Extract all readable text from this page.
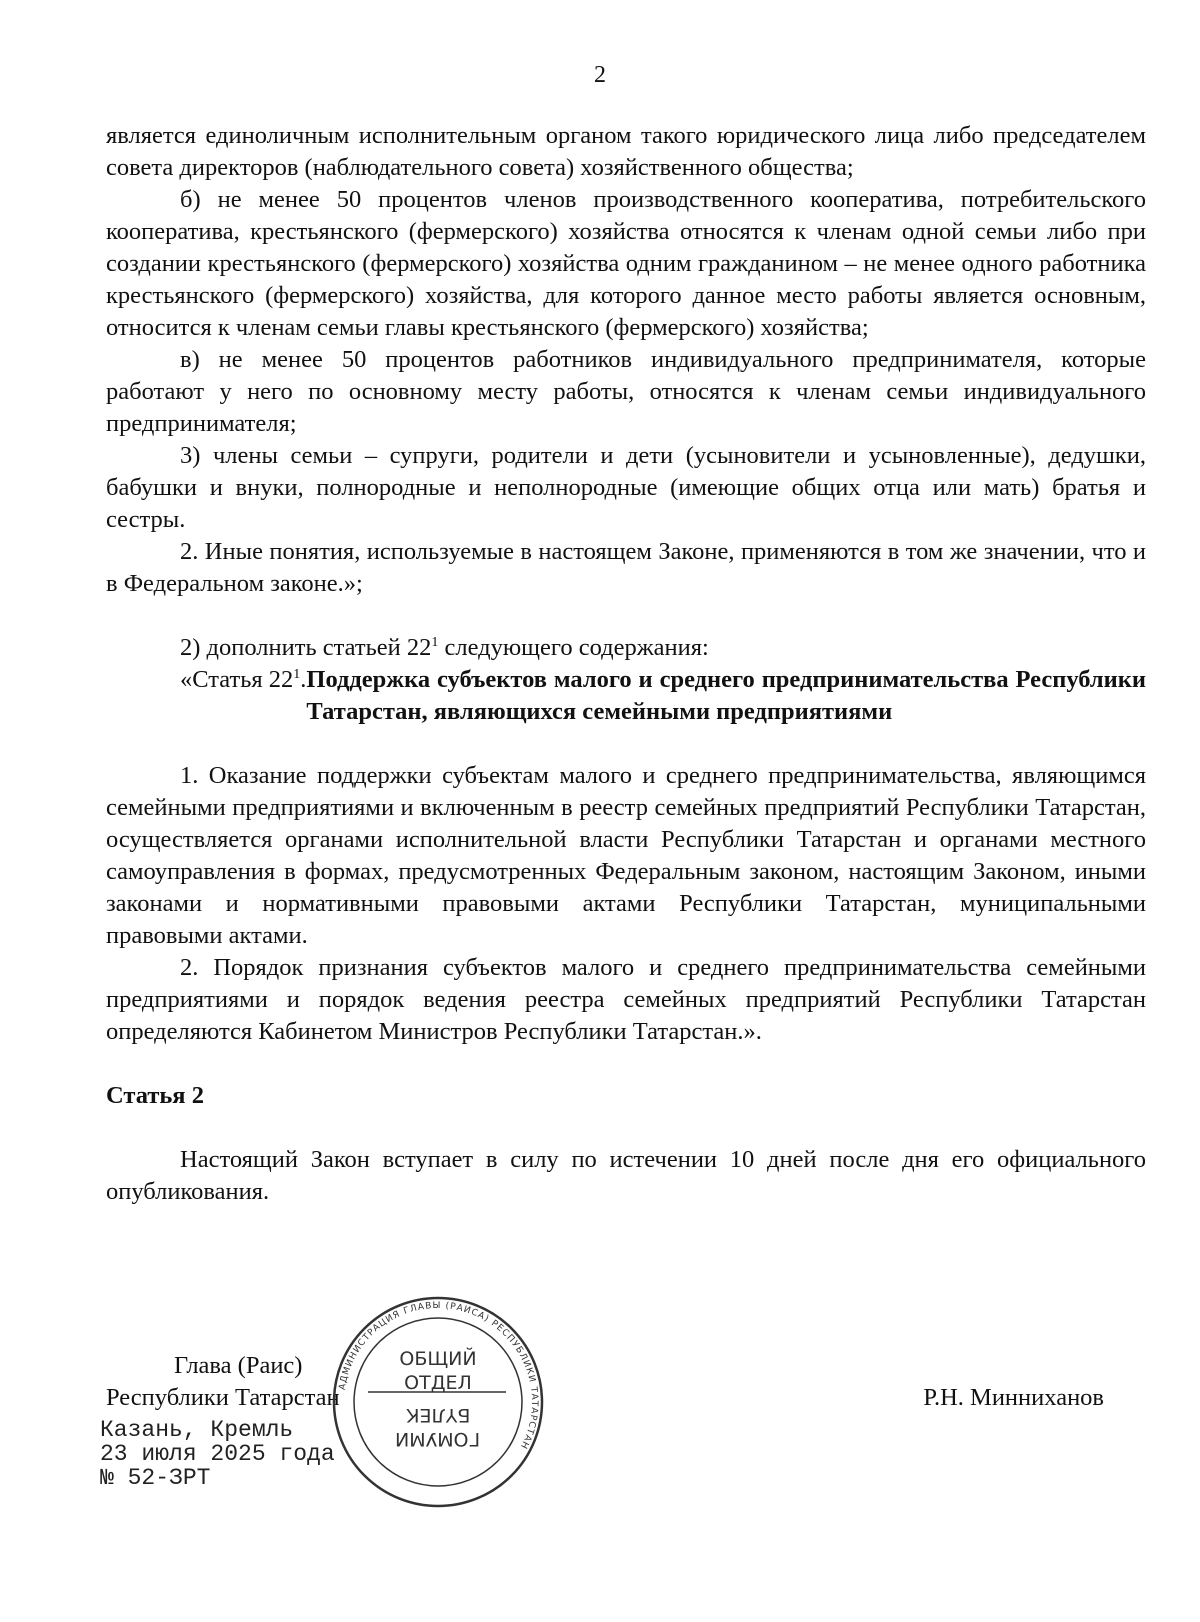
2

является единоличным исполнительным органом такого юридического лица либо председателем совета директоров (наблюдательного совета) хозяйственного общества;

б) не менее 50 процентов членов производственного кооператива, потребительского кооператива, крестьянского (фермерского) хозяйства относятся к членам одной семьи либо при создании крестьянского (фермерского) хозяйства одним гражданином – не менее одного работника крестьянского (фермерского) хозяйства, для которого данное место работы является основным, относится к членам семьи главы крестьянского (фермерского) хозяйства;

в) не менее 50 процентов работников индивидуального предпринимателя, которые работают у него по основному месту работы, относятся к членам семьи индивидуального предпринимателя;

3) члены семьи – супруги, родители и дети (усыновители и усыновленные), дедушки, бабушки и внуки, полнородные и неполнородные (имеющие общих отца или мать) братья и сестры.

2. Иные понятия, используемые в настоящем Законе, применяются в том же значении, что и в Федеральном законе.»;

2) дополнить статьей $22^1$ следующего содержания:

«Статья $22^1$. Поддержка субъектов малого и среднего предпринимательства Республики Татарстан, являющихся семейными предприятиями

1. Оказание поддержки субъектам малого и среднего предпринимательства, являющимся семейными предприятиями и включенным в реестр семейных предприятий Республики Татарстан, осуществляется органами исполнительной власти Республики Татарстан и органами местного самоуправления в формах, предусмотренных Федеральным законом, настоящим Законом, иными законами и нормативными правовыми актами Республики Татарстан, муниципальными правовыми актами.

2. Порядок признания субъектов малого и среднего предпринимательства семейными предприятиями и порядок ведения реестра семейных предприятий Республики Татарстан определяются Кабинетом Министров Республики Татарстан.».

Статья 2

Настоящий Закон вступает в силу по истечении 10 дней после дня его официального опубликования.

Глава (Раис)
Республики Татарстан	Р.Н. Минниханов
Казань, Кремль
23 июля 2025 года
№ 52-ЗРТ
АДМИНИСТРАЦИЯ ГЛАВЫ (РАИСА) РЕСПУБЛИКИ ТАТАРСТАН
ОБЩИЙ
ОТДЕЛ
БҮЛЕК
ГОМУМИ
